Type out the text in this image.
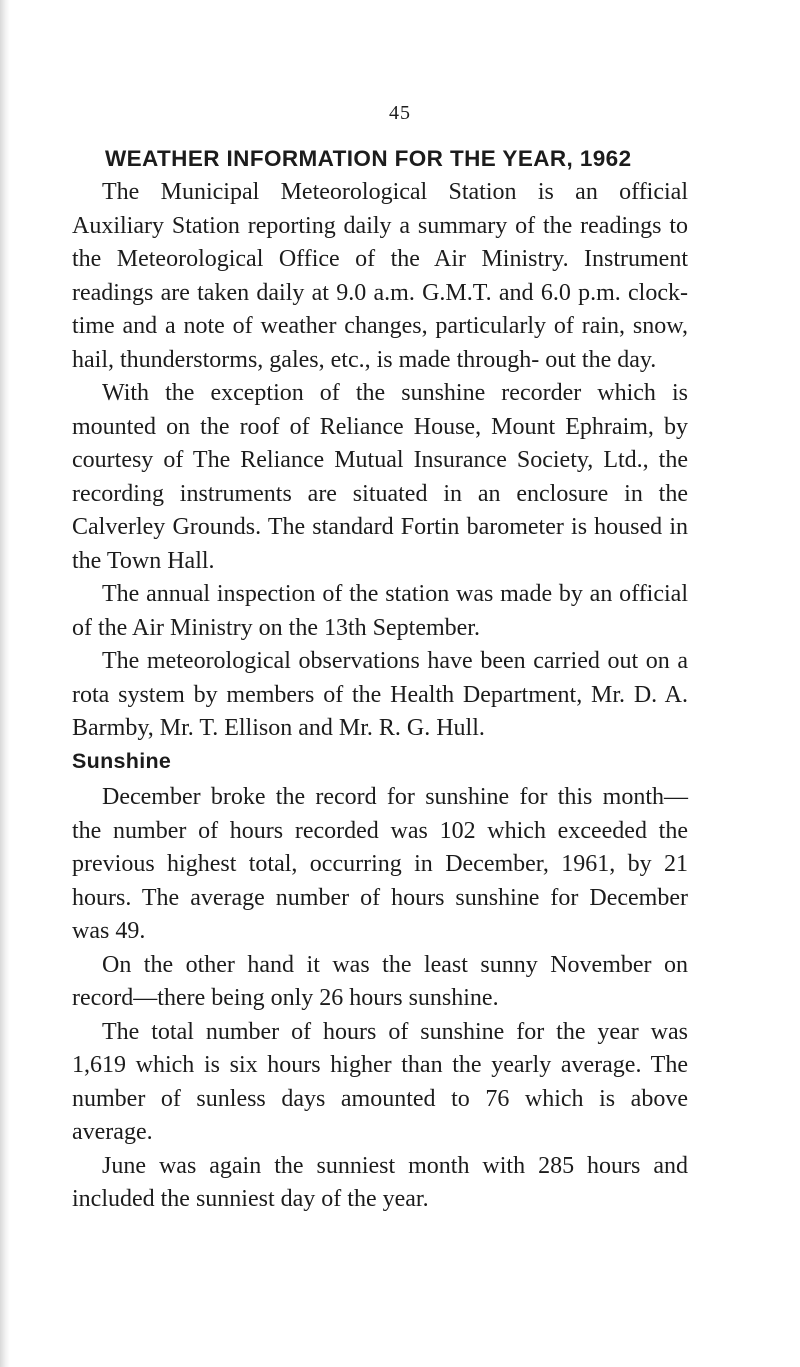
45
WEATHER INFORMATION FOR THE YEAR, 1962

The Municipal Meteorological Station is an official Auxiliary Station reporting daily a summary of the readings to the Meteorological Office of the Air Ministry. Instrument readings are taken daily at 9.0 a.m. G.M.T. and 6.0 p.m. clock-time and a note of weather changes, particularly of rain, snow, hail, thunderstorms, gales, etc., is made through- out the day.

With the exception of the sunshine recorder which is mounted on the roof of Reliance House, Mount Ephraim, by courtesy of The Reliance Mutual Insurance Society, Ltd., the recording instruments are situated in an enclosure in the Calverley Grounds. The standard Fortin barometer is housed in the Town Hall.

The annual inspection of the station was made by an official of the Air Ministry on the 13th September.

The meteorological observations have been carried out on a rota system by members of the Health Department, Mr. D. A. Barmby, Mr. T. Ellison and Mr. R. G. Hull.

Sunshine

December broke the record for sunshine for this month— the number of hours recorded was 102 which exceeded the previous highest total, occurring in December, 1961, by 21 hours. The average number of hours sunshine for December was 49.

On the other hand it was the least sunny November on record—there being only 26 hours sunshine.

The total number of hours of sunshine for the year was 1,619 which is six hours higher than the yearly average. The number of sunless days amounted to 76 which is above average.

June was again the sunniest month with 285 hours and included the sunniest day of the year.
